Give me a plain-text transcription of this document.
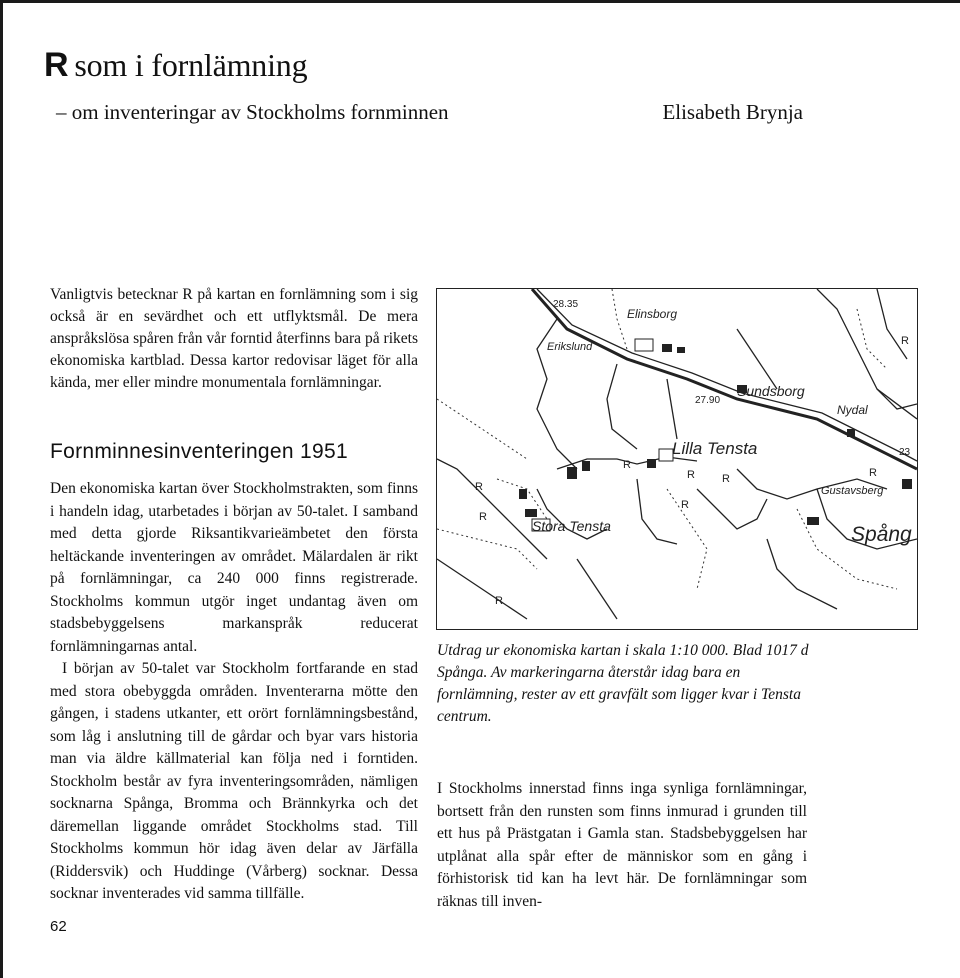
R som i fornlämning
– om inventeringar av Stockholms fornminnen	Elisabeth Brynja
Vanligtvis betecknar R på kartan en fornlämning som i sig också är en sevärdhet och ett utflyktsmål. De mera anspråkslösa spåren från vår forntid återfinns bara på rikets ekonomiska kartblad. Dessa kartor redovisar läget för alla kända, mer eller mindre monumentala fornlämningar.
Fornminnesinventeringen 1951

Den ekonomiska kartan över Stockholmstrakten, som finns i handeln idag, utarbetades i början av 50-talet. I samband med detta gjorde Riksantikvarieämbetet den första heltäckande inventeringen av området. Mälardalen är rikt på fornlämningar, ca 240 000 finns registrerade. Stockholms kommun utgör inget undantag även om stadsbebyggelsens markanspråk reducerat fornlämningarnas antal.

I början av 50-talet var Stockholm fortfarande en stad med stora obebyggda områden. Inventerarna mötte den gången, i stadens utkanter, ett orört fornlämningsbestånd, som låg i anslutning till de gårdar och byar vars historia man via äldre källmaterial kan följa ned i forntiden. Stockholm består av fyra inventeringsområden, nämligen socknarna Spånga, Bromma och Brännkyrka och det däremellan liggande området Stockholms stad. Till Stockholms kommun hör idag även delar av Järfälla (Riddersvik) och Huddinge (Vårberg) socknar. Dessa socknar inventerades vid samma tillfälle.

62
Elinsborg
Erikslund
Sundsborg
Nydal
Lilla Tensta
Stora Tensta
Gustavsberg
Spång
28.35
27.90
23
R
R R
R
R
R
R
R
R
Utdrag ur ekonomiska kartan i skala 1:10 000. Blad 1017 d Spånga. Av markeringarna återstår idag bara en fornlämning, rester av ett gravfält som ligger kvar i Tensta centrum.

I Stockholms innerstad finns inga synliga fornlämningar, bortsett från den runsten som finns inmurad i grunden till ett hus på Prästgatan i Gamla stan. Stadsbebyggelsen har utplånat alla spår efter de människor som en gång i förhistorisk tid kan ha levt här. De fornlämningar som räknas till inven-
